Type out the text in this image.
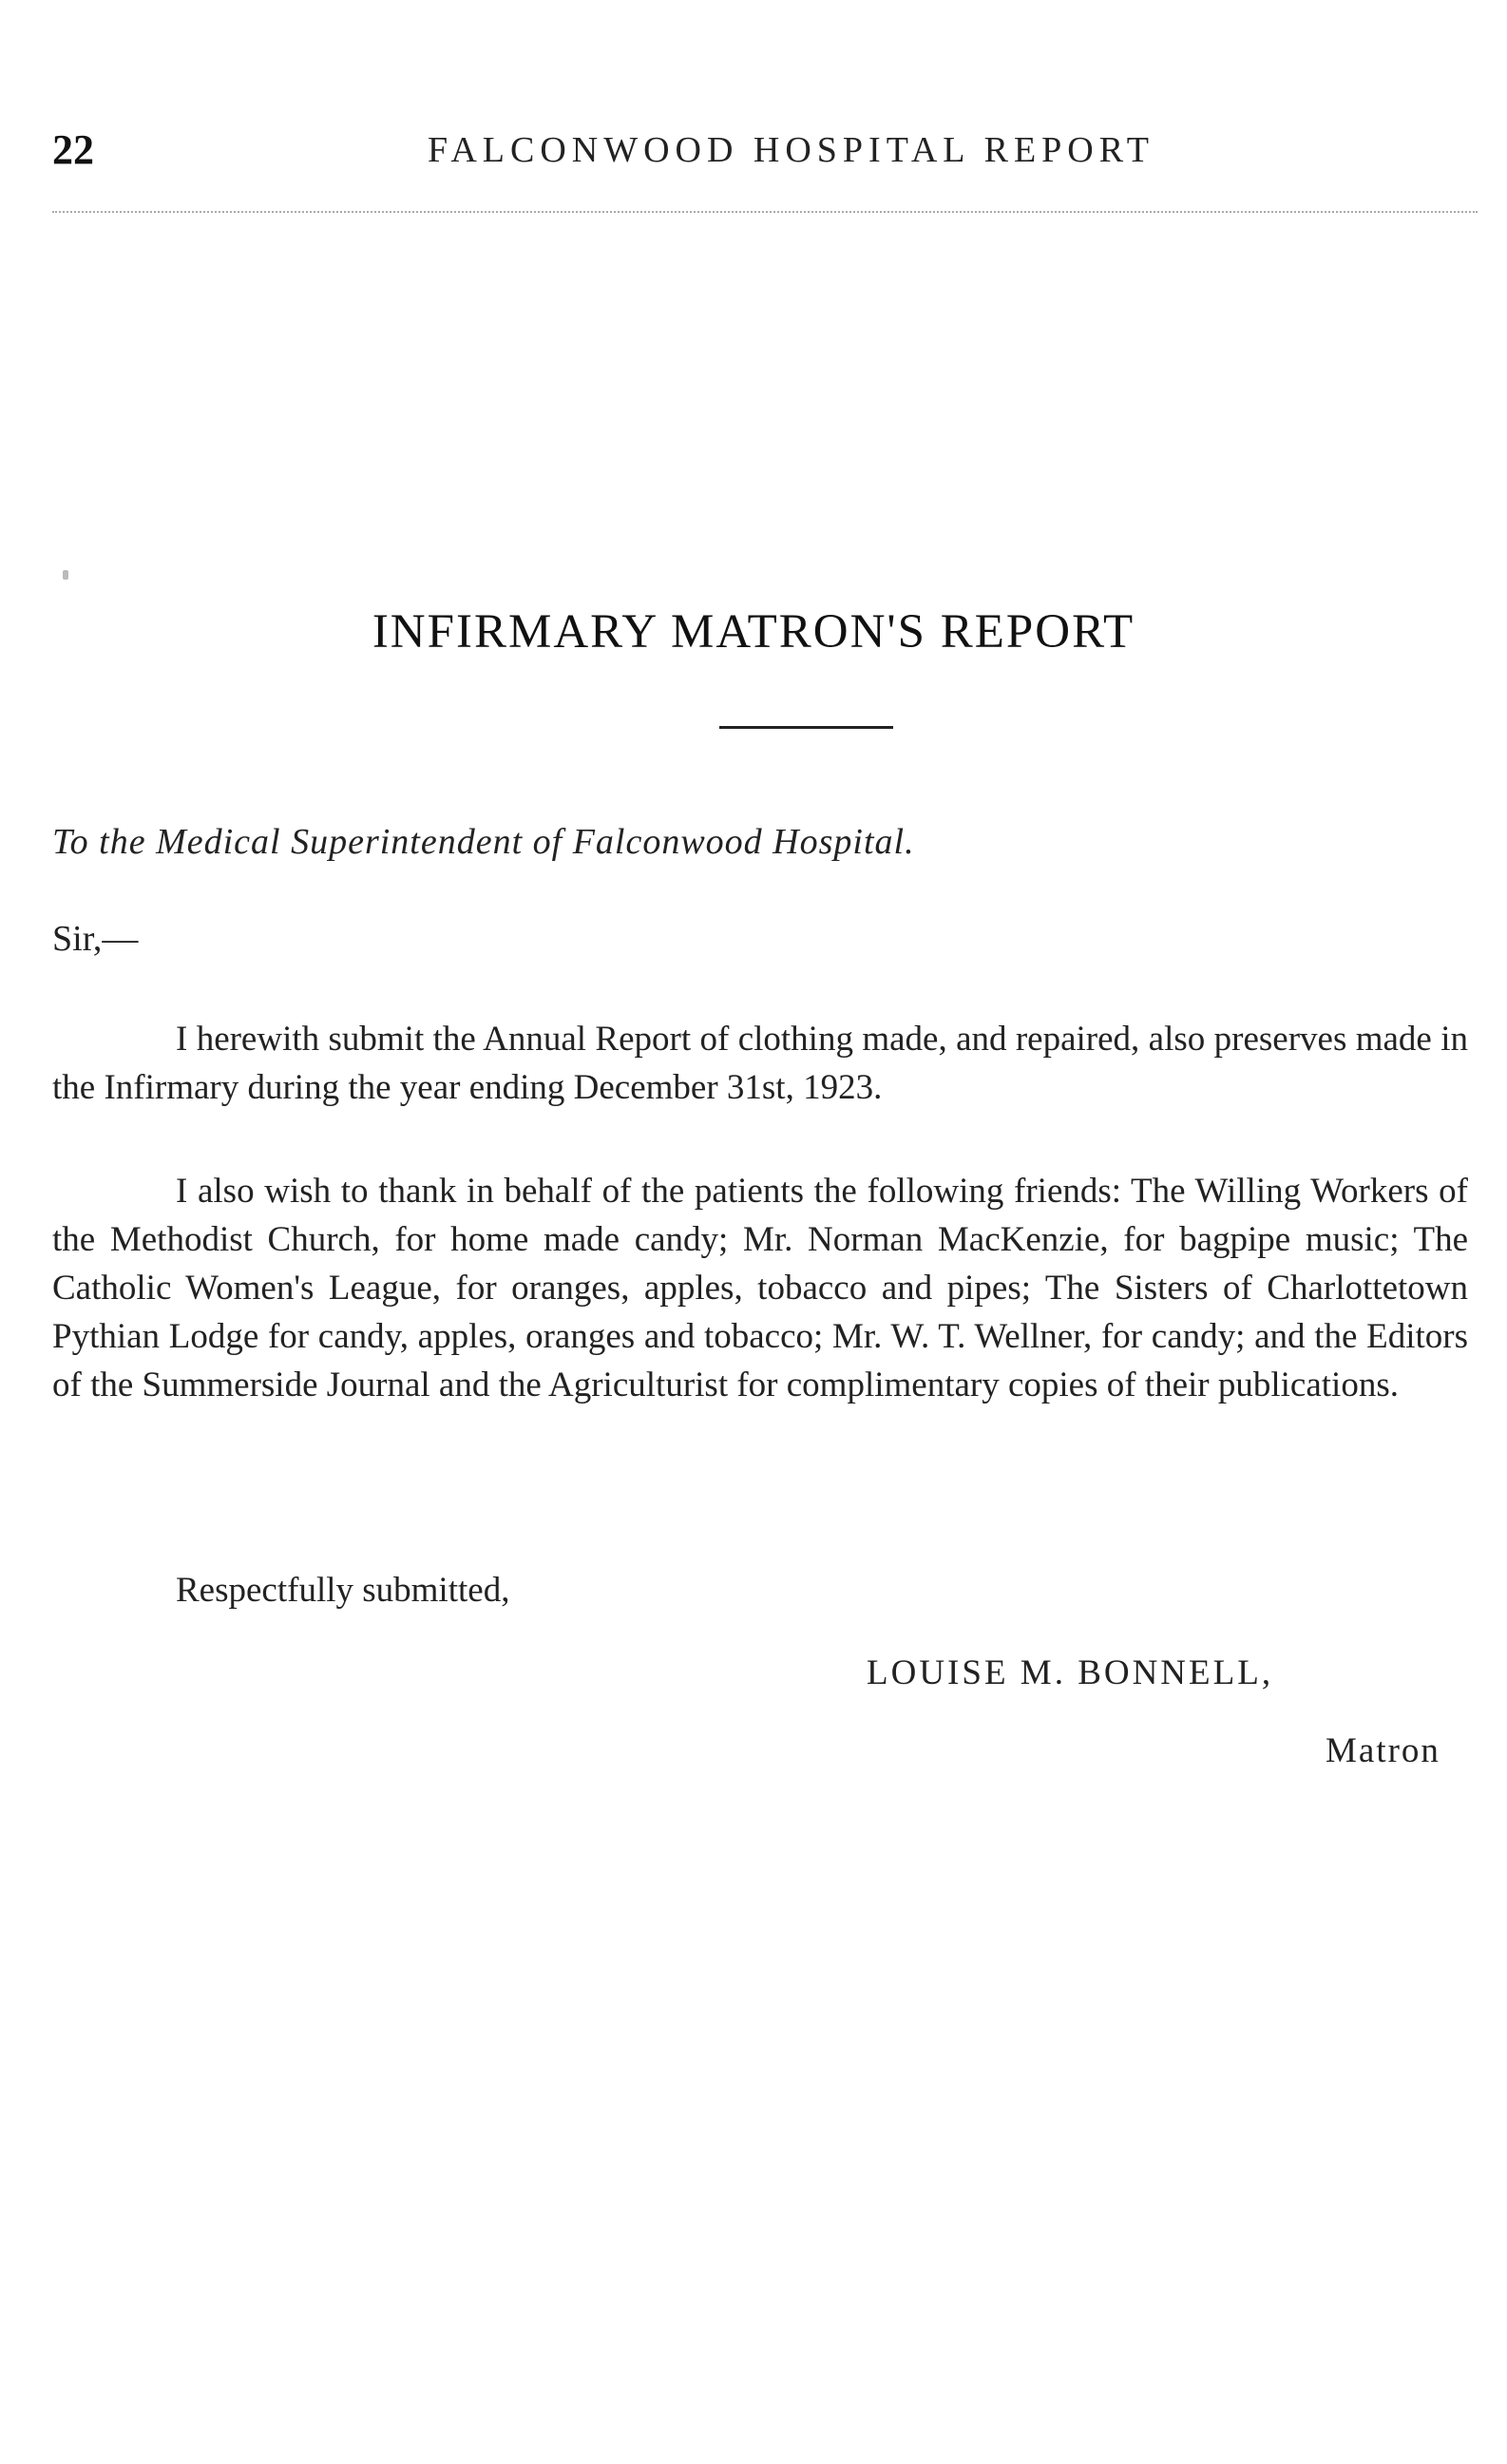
22	FALCONWOOD HOSPITAL REPORT
INFIRMARY MATRON'S REPORT
To the Medical Superintendent of Falconwood Hospital.
Sir,—

I herewith submit the Annual Report of clothing made, and repaired, also preserves made in the Infirmary during the year ending December 31st, 1923.

I also wish to thank in behalf of the patients the following friends: The Willing Workers of the Methodist Church, for home made candy; Mr. Norman MacKenzie, for bagpipe music; The Catholic Women's League, for oranges, apples, tobacco and pipes; The Sisters of Charlottetown Pythian Lodge for candy, apples, oranges and tobacco; Mr. W. T. Wellner, for candy; and the Editors of the Summerside Journal and the Agriculturist for complimentary copies of their publications.

Respectfully submitted,
LOUISE M. BONNELL,
Matron
